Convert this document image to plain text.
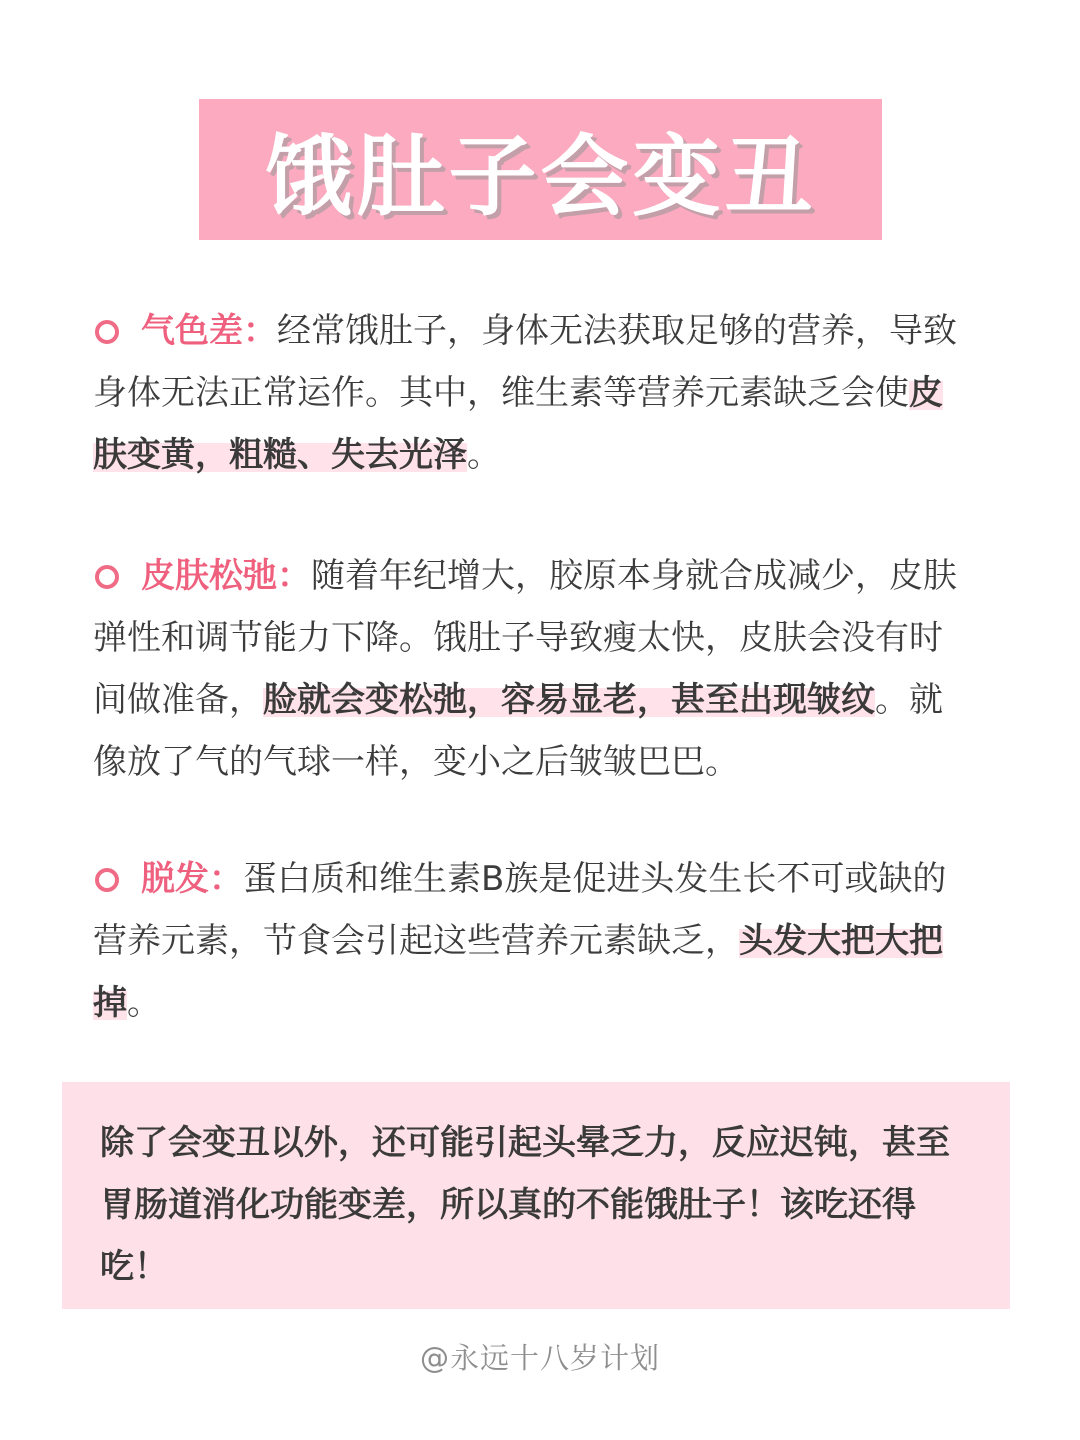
饿肚子会变丑
气色差：经常饿肚子，身体无法获取足够的营养，导致身体无法正常运作。其中，维生素等营养元素缺乏会使皮肤变黄，粗糙、失去光泽。
皮肤松弛：随着年纪增大，胶原本身就合成减少，皮肤弹性和调节能力下降。饿肚子导致瘦太快，皮肤会没有时间做准备，脸就会变松弛，容易显老，甚至出现皱纹。就像放了气的气球一样，变小之后皱皱巴巴。
脱发：蛋白质和维生素B族是促进头发生长不可或缺的营养元素，节食会引起这些营养元素缺乏，头发大把大把掉。
除了会变丑以外，还可能引起头晕乏力，反应迟钝，甚至胃肠道消化功能变差，所以真的不能饿肚子！该吃还得吃！
@永远十八岁计划
